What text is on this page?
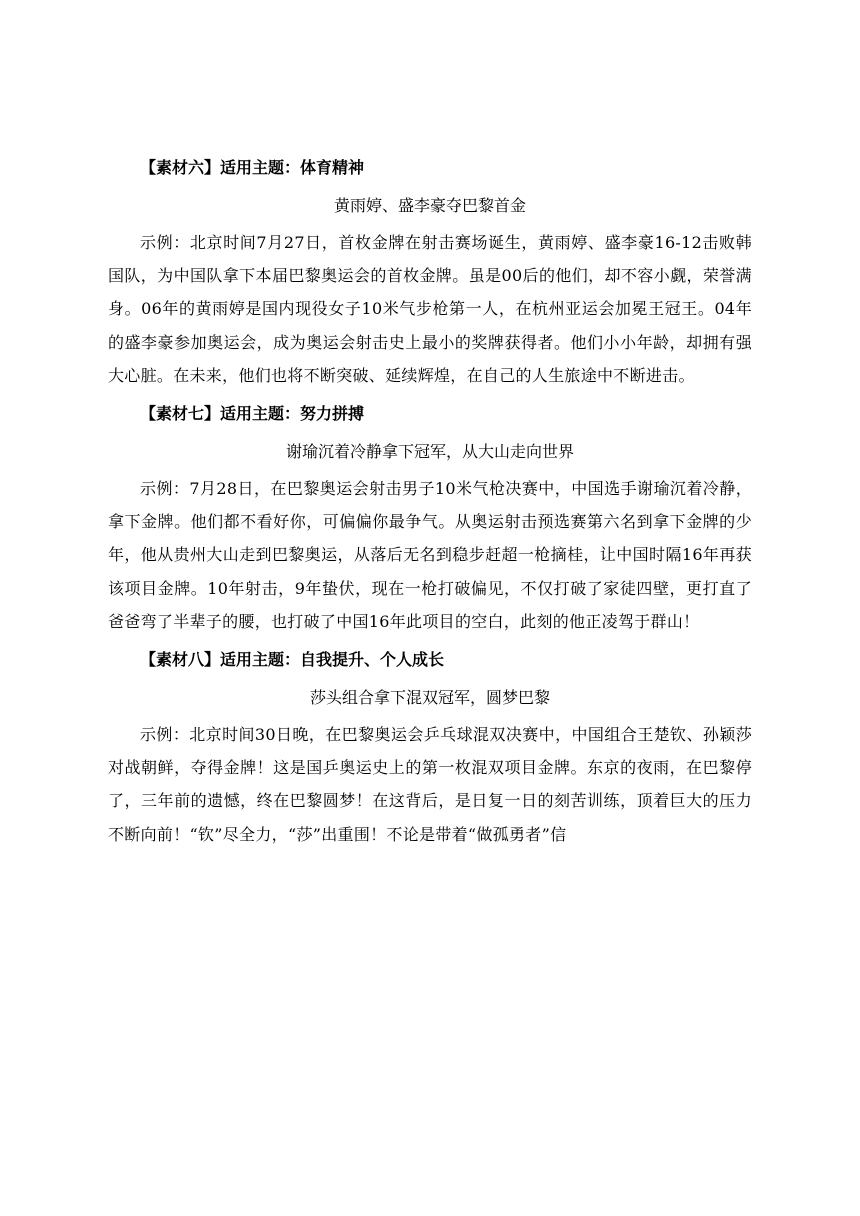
【素材六】适用主题：体育精神
黄雨婷、盛李豪夺巴黎首金

示例：北京时间7月27日，首枚金牌在射击赛场诞生，黄雨婷、盛李豪16-12击败韩国队，为中国队拿下本届巴黎奥运会的首枚金牌。虽是00后的他们，却不容小觑，荣誉满身。06年的黄雨婷是国内现役女子10米气步枪第一人，在杭州亚运会加冕王冠王。04年的盛李豪参加奥运会，成为奥运会射击史上最小的奖牌获得者。他们小小年龄，却拥有强大心脏。在未来，他们也将不断突破、延续辉煌，在自己的人生旅途中不断进击。

【素材七】适用主题：努力拼搏
谢瑜沉着冷静拿下冠军，从大山走向世界

示例：7月28日，在巴黎奥运会射击男子10米气枪决赛中，中国选手谢瑜沉着冷静，拿下金牌。他们都不看好你，可偏偏你最争气。从奥运射击预选赛第六名到拿下金牌的少年，他从贵州大山走到巴黎奥运，从落后无名到稳步赶超一枪摘桂，让中国时隔16年再获该项目金牌。10年射击，9年蛰伏，现在一枪打破偏见，不仅打破了家徒四壁，更打直了爸爸弯了半辈子的腰，也打破了中国16年此项目的空白，此刻的他正凌驾于群山！

【素材八】适用主题：自我提升、个人成长
莎头组合拿下混双冠军，圆梦巴黎

示例：北京时间30日晚，在巴黎奥运会乒乓球混双决赛中，中国组合王楚钦、孙颖莎对战朝鲜，夺得金牌！这是国乒奥运史上的第一枚混双项目金牌。东京的夜雨，在巴黎停了，三年前的遗憾，终在巴黎圆梦！在这背后，是日复一日的刻苦训练，顶着巨大的压力不断向前！“钦”尽全力，“莎”出重围！不论是带着“做孤勇者”信
